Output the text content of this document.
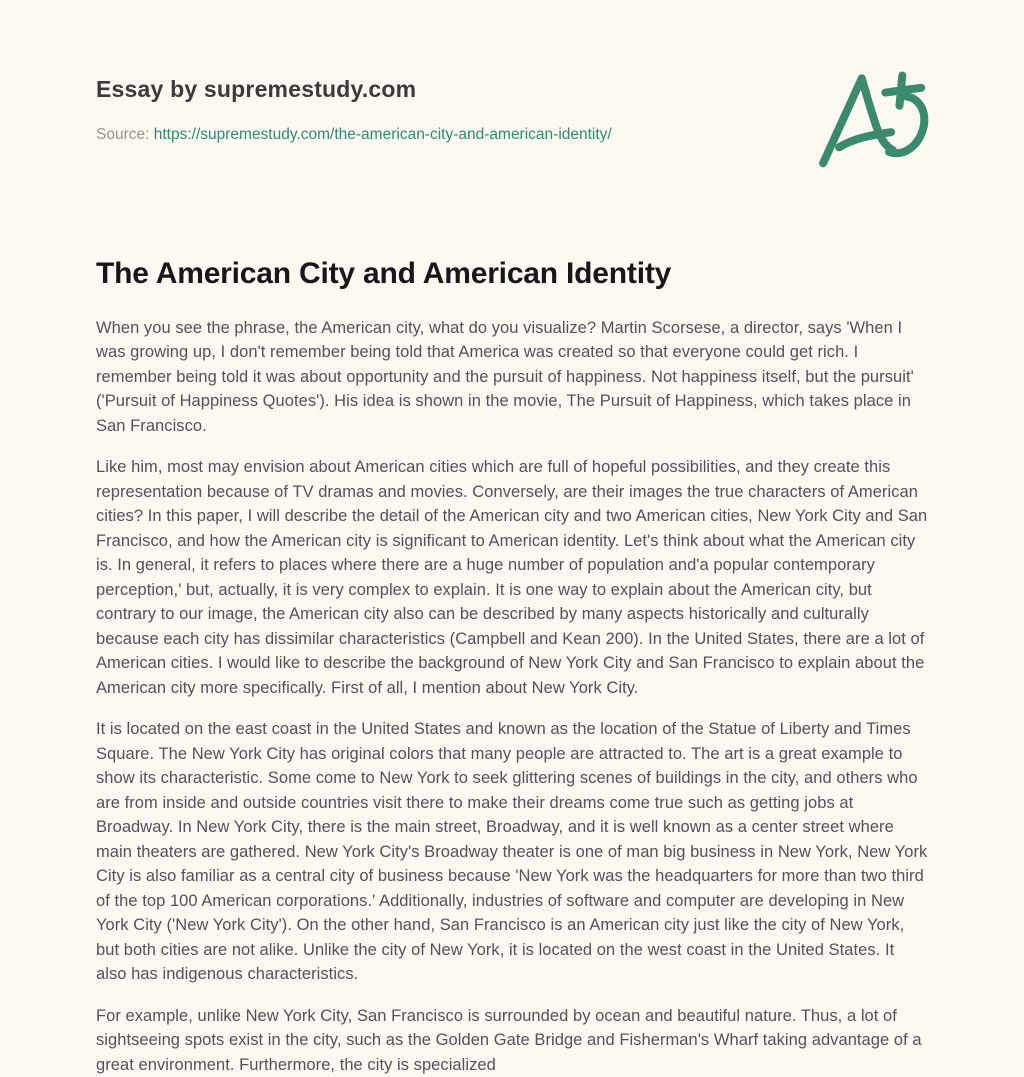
Essay by supremestudy.com
Source: https://supremestudy.com/the-american-city-and-american-identity/
The American City and American Identity

When you see the phrase, the American city, what do you visualize? Martin Scorsese, a director, says 'When I was growing up, I don't remember being told that America was created so that everyone could get rich. I remember being told it was about opportunity and the pursuit of happiness. Not happiness itself, but the pursuit' ('Pursuit of Happiness Quotes'). His idea is shown in the movie, The Pursuit of Happiness, which takes place in San Francisco.

Like him, most may envision about American cities which are full of hopeful possibilities, and they create this representation because of TV dramas and movies. Conversely, are their images the true characters of American cities? In this paper, I will describe the detail of the American city and two American cities, New York City and San Francisco, and how the American city is significant to American identity. Let's think about what the American city is. In general, it refers to places where there are a huge number of population and'a popular contemporary perception,' but, actually, it is very complex to explain. It is one way to explain about the American city, but contrary to our image, the American city also can be described by many aspects historically and culturally because each city has dissimilar characteristics (Campbell and Kean 200). In the United States, there are a lot of American cities. I would like to describe the background of New York City and San Francisco to explain about the American city more specifically. First of all, I mention about New York City.

It is located on the east coast in the United States and known as the location of the Statue of Liberty and Times Square. The New York City has original colors that many people are attracted to. The art is a great example to show its characteristic. Some come to New York to seek glittering scenes of buildings in the city, and others who are from inside and outside countries visit there to make their dreams come true such as getting jobs at Broadway. In New York City, there is the main street, Broadway, and it is well known as a center street where main theaters are gathered. New York City's Broadway theater is one of man big business in New York, New York City is also familiar as a central city of business because 'New York was the headquarters for more than two third of the top 100 American corporations.' Additionally, industries of software and computer are developing in New York City ('New York City'). On the other hand, San Francisco is an American city just like the city of New York, but both cities are not alike. Unlike the city of New York, it is located on the west coast in the United States. It also has indigenous characteristics.

For example, unlike New York City, San Francisco is surrounded by ocean and beautiful nature. Thus, a lot of sightseeing spots exist in the city, such as the Golden Gate Bridge and Fisherman's Wharf taking advantage of a great environment. Furthermore, the city is specialized
